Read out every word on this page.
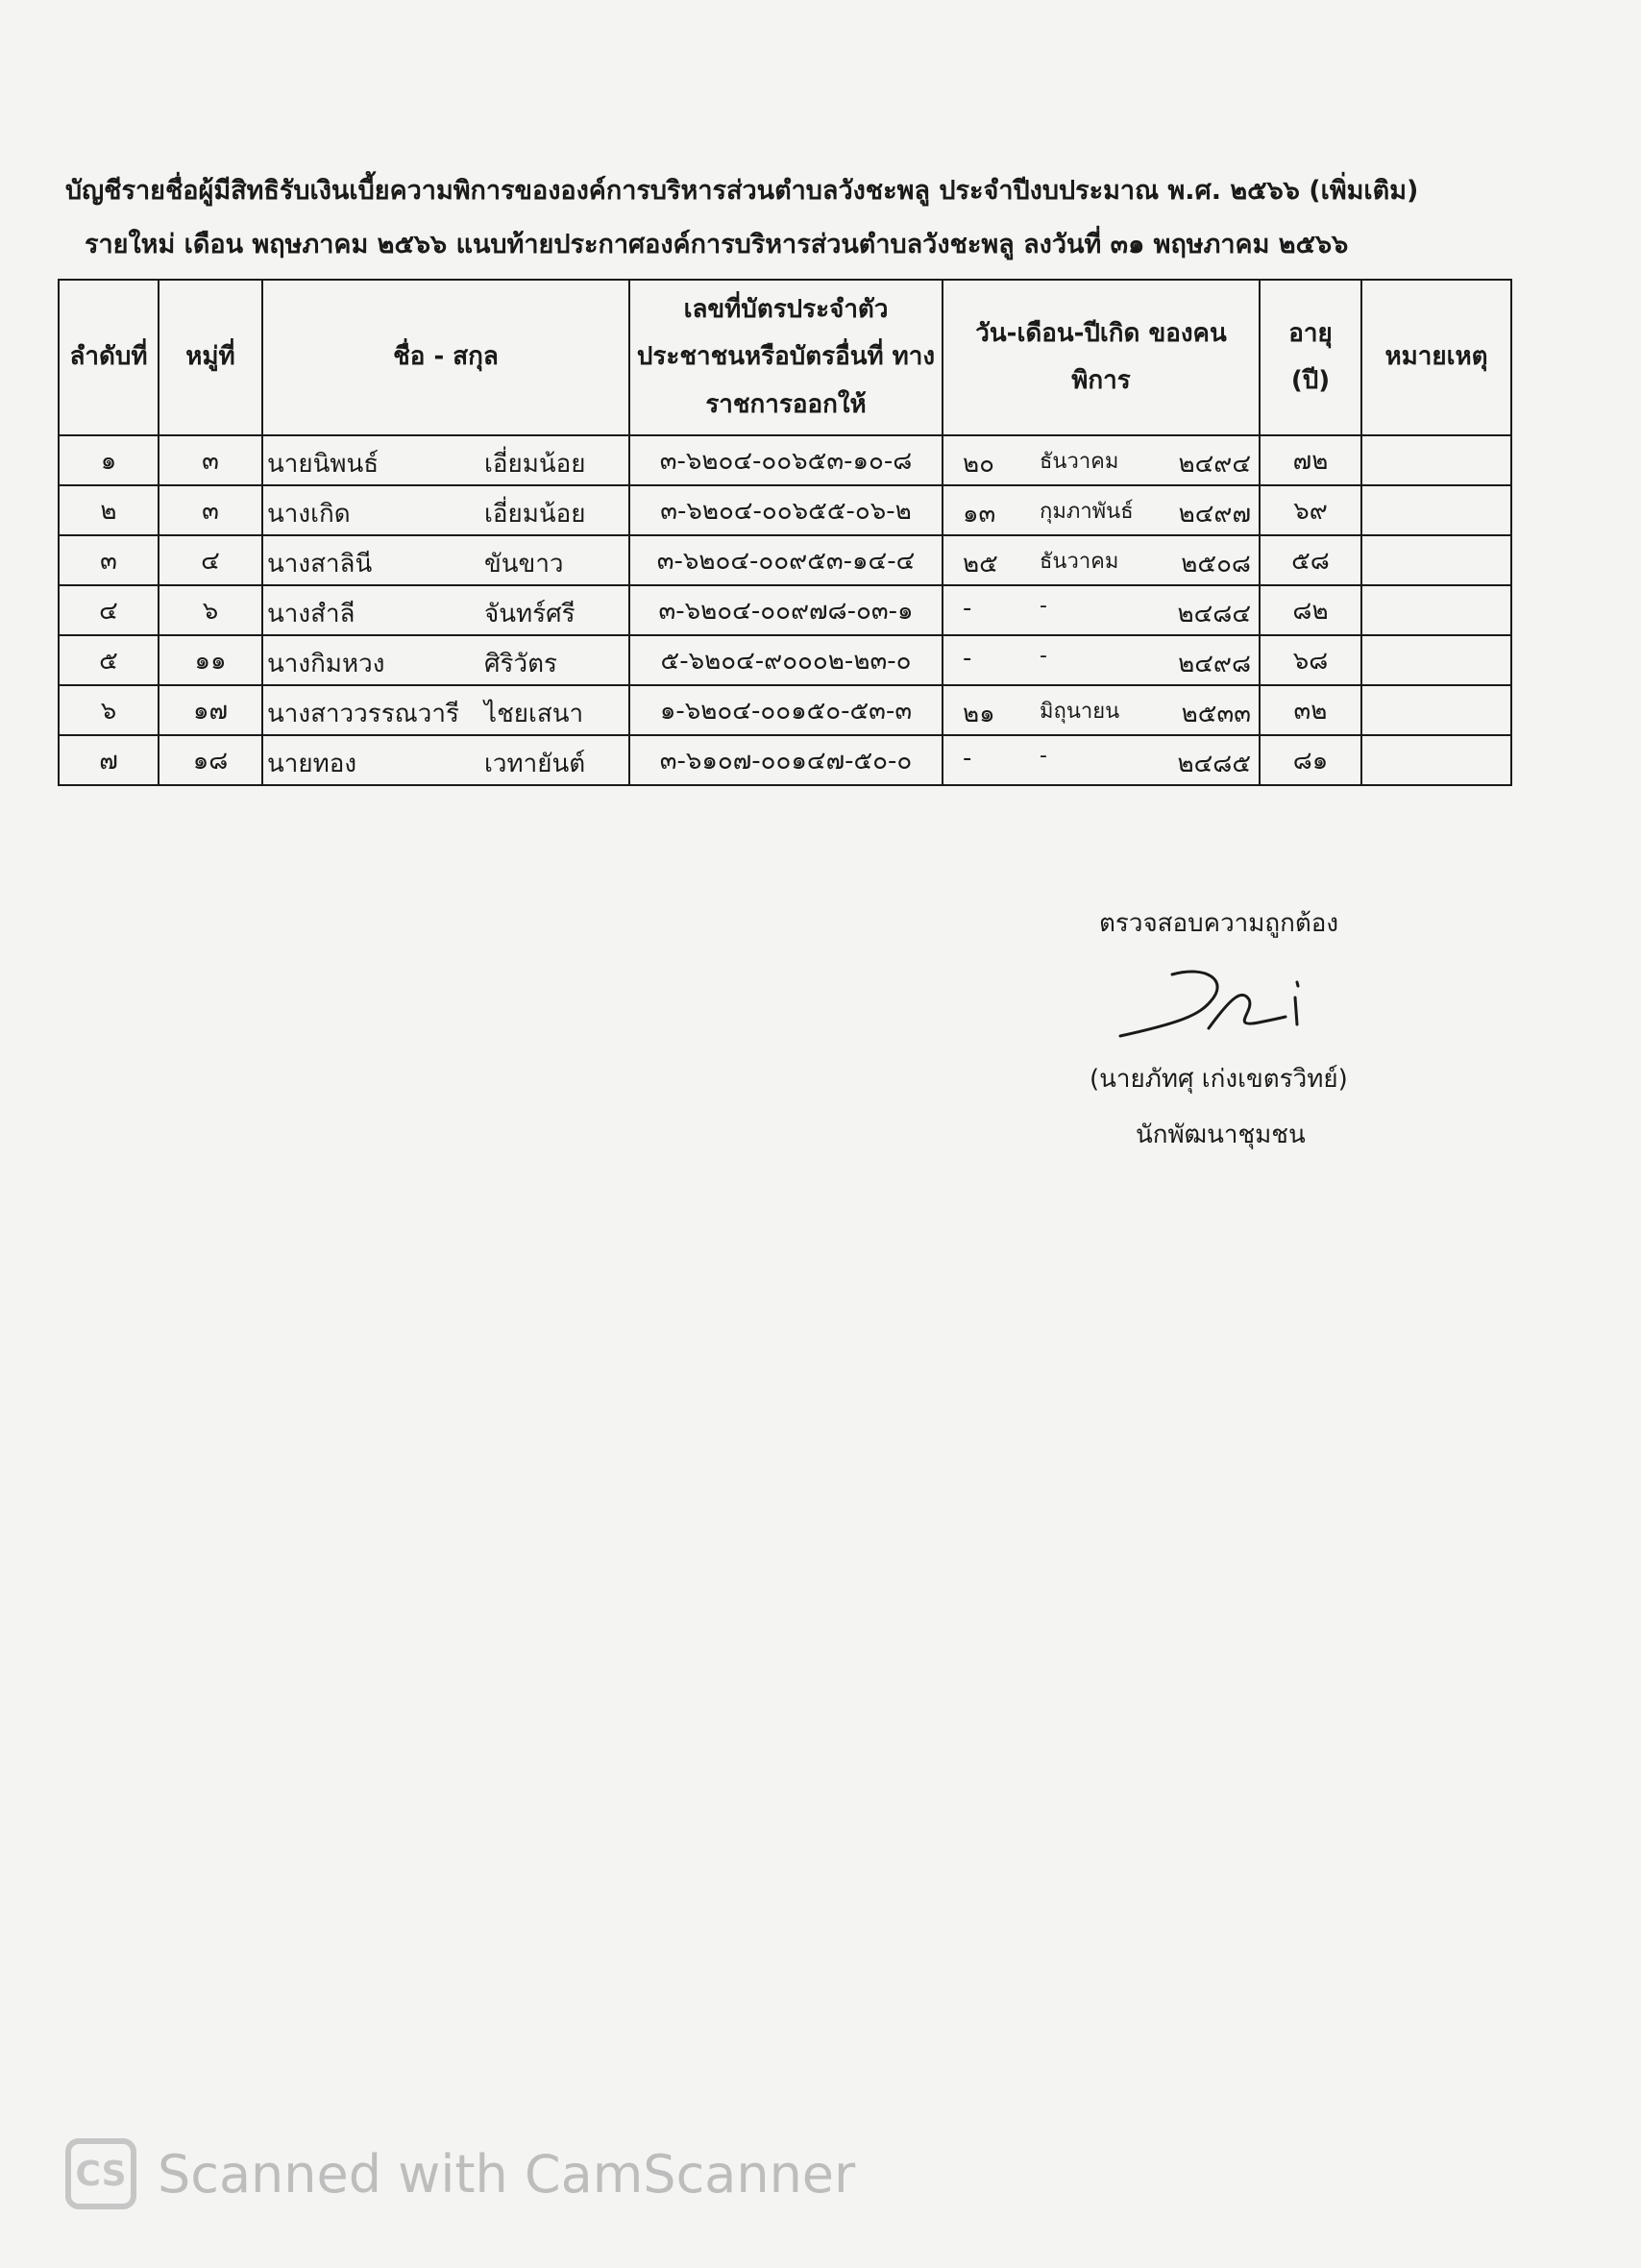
บัญชีรายชื่อผู้มีสิทธิรับเงินเบี้ยความพิการขององค์การบริหารส่วนตำบลวังชะพลู ประจำปีงบประมาณ พ.ศ. ๒๕๖๖ (เพิ่มเติม)
รายใหม่ เดือน พฤษภาคม ๒๕๖๖ แนบท้ายประกาศองค์การบริหารส่วนตำบลวังชะพลู ลงวันที่ ๓๑ พฤษภาคม ๒๕๖๖
ลำดับที่	หมู่ที่	ชื่อ - สกุล	เลขที่บัตรประจำตัว ประชาชนหรือบัตรอื่นที่ ทางราชการออกให้	วัน-เดือน-ปีเกิด ของคนพิการ	อายุ (ปี)	หมายเหตุ
๑	๓	นายนิพนธ์ เอี่ยมน้อย	๓-๖๒๐๔-๐๐๖๕๓-๑๐-๘	๒๐ ธันวาคม ๒๔๙๔	๗๒	
๒	๓	นางเกิด เอี่ยมน้อย	๓-๖๒๐๔-๐๐๖๕๕-๐๖-๒	๑๓ กุมภาพันธ์ ๒๔๙๗	๖๙	
๓	๔	นางสาลินี ขันขาว	๓-๖๒๐๔-๐๐๙๕๓-๑๔-๔	๒๕ ธันวาคม ๒๕๐๘	๕๘	
๔	๖	นางสำลี จันทร์ศรี	๓-๖๒๐๔-๐๐๙๗๘-๐๓-๑	- - ๒๔๘๔	๘๒	
๕	๑๑	นางกิมหวง ศิริวัตร	๕-๖๒๐๔-๙๐๐๐๒-๒๓-๐	- - ๒๔๙๘	๖๘	
๖	๑๗	นางสาววรรณวารี ไชยเสนา	๑-๖๒๐๔-๐๐๑๕๐-๕๓-๓	๒๑ มิถุนายน ๒๕๓๓	๓๒	
๗	๑๘	นายทอง เวทายันต์	๓-๖๑๐๗-๐๐๑๔๗-๕๐-๐	- - ๒๔๘๕	๘๑	
ตรวจสอบความถูกต้อง
(นายภัทศุ เก่งเขตรวิทย์)
นักพัฒนาชุมชน
CS Scanned with CamScanner
